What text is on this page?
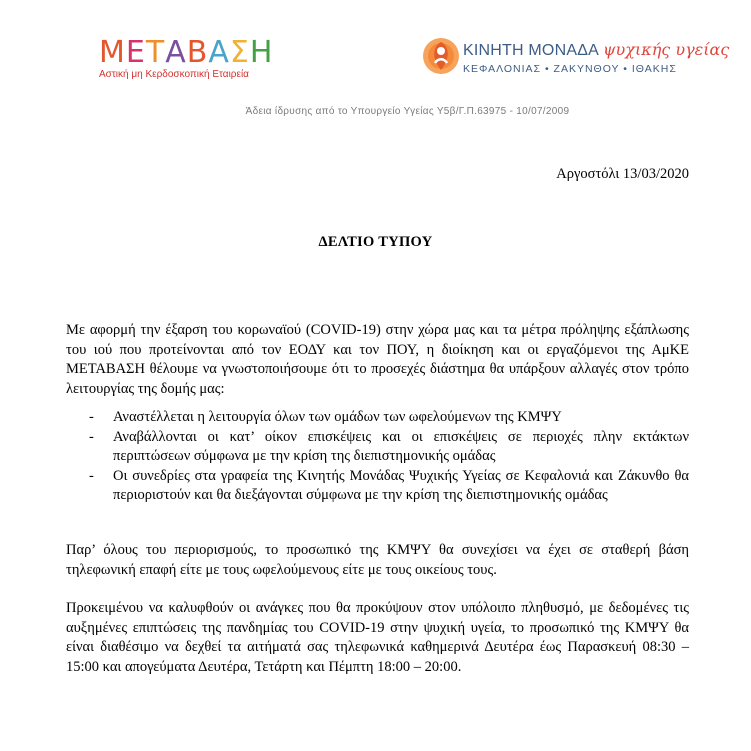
ΜΕΤΑΒΑΣΗ
Αστική μη Κερδοσκοπική Εταιρεία
ΚΙΝΗΤΗ ΜΟΝΑΔΑ ψυχικής υγείας
ΚΕΦΑΛΟΝΙΑΣ • ΖΑΚΥΝΘΟΥ • ΙΘΑΚΗΣ
Άδεια ίδρυσης από το Υπουργείο Υγείας Υ5β/Γ.Π.63975 - 10/07/2009
Αργοστόλι 13/03/2020
ΔΕΛΤΙΟ ΤΥΠΟΥ

Με αφορμή την έξαρση του κορωναϊού (COVID-19) στην χώρα μας και τα μέτρα πρόληψης εξάπλωσης του ιού που προτείνονται από τον ΕΟΔΥ και τον ΠΟΥ, η διοίκηση και οι εργαζόμενοι της ΑμΚΕ ΜΕΤΑΒΑΣΗ θέλουμε να γνωστοποιήσουμε ότι το προσεχές διάστημα θα υπάρξουν αλλαγές στον τρόπο λειτουργίας της δομής μας:

-	Αναστέλλεται η λειτουργία όλων των ομάδων των ωφελούμενων της ΚΜΨΥ
-	Αναβάλλονται οι κατ’ οίκον επισκέψεις και οι επισκέψεις σε περιοχές πλην εκτάκτων περιπτώσεων σύμφωνα με την κρίση της διεπιστημονικής ομάδας
-	Οι συνεδρίες στα γραφεία της Κινητής Μονάδας Ψυχικής Υγείας σε Κεφαλονιά και Ζάκυνθο θα περιοριστούν και θα διεξάγονται σύμφωνα με την κρίση της διεπιστημονικής ομάδας

Παρ’ όλους του περιορισμούς, το προσωπικό της ΚΜΨΥ θα συνεχίσει να έχει σε σταθερή βάση τηλεφωνική επαφή είτε με τους ωφελούμενους είτε με τους οικείους τους.

Προκειμένου να καλυφθούν οι ανάγκες που θα προκύψουν στον υπόλοιπο πληθυσμό, με δεδομένες τις αυξημένες επιπτώσεις της πανδημίας του COVID-19 στην ψυχική υγεία, το προσωπικό της ΚΜΨΥ θα είναι διαθέσιμο να δεχθεί τα αιτήματά σας τηλεφωνικά καθημερινά Δευτέρα έως Παρασκευή 08:30 – 15:00 και απογεύματα Δευτέρα, Τετάρτη και Πέμπτη 18:00 – 20:00.
